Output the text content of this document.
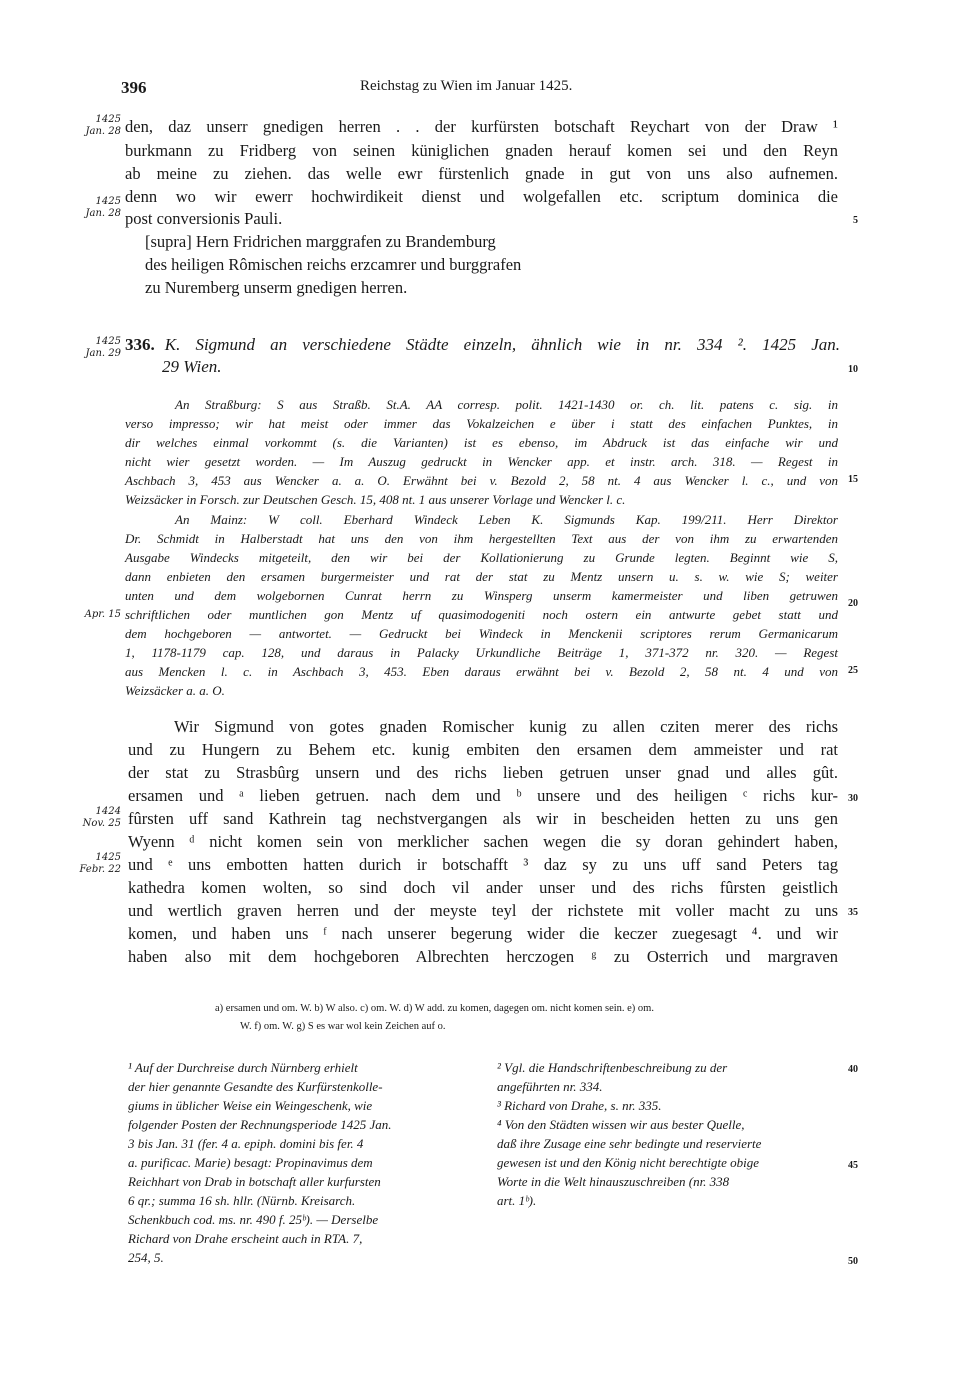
396	Reichstag zu Wien im Januar 1425.
1425
Jan. 28
1425
Jan. 28
1425
Jan. 29
Apr. 15
1424
Nov. 25
1425
Febr. 22
5
10
15
20
25
30
35
40
45
50
den, daz unserr gnedigen herren . . der kurfürsten botschaft Reychart von der Draw ¹
burkmann zu Fridberg von seinen küniglichen gnaden herauf komen sei und den Reyn
ab meine zu ziehen. das welle ewr fürstenlich gnade in gut von uns also aufnemen.
denn wo wir ewerr hochwirdikeit dienst und wolgefallen etc. scriptum dominica die
post conversionis Pauli.
[supra] Hern Fridrichen marggrafen zu Brandemburg
des heiligen Rômischen reichs erzcamrer und burggrafen
zu Nuremberg unserm gnedigen herren.
336. K. Sigmund an verschiedene Städte einzeln, ähnlich wie in nr. 334 ². 1425 Jan.
29 Wien.
An Straßburg: S aus Straßb. St.A. AA corresp. polit. 1421-1430 or. ch. lit. patens c. sig. in
verso impresso; wir hat meist oder immer das Vokalzeichen e über i statt des einfachen Punktes, in
dir welches einmal vorkommt (s. die Varianten) ist es ebenso, im Abdruck ist das einfache wir und
nicht wier gesetzt worden. — Im Auszug gedruckt in Wencker app. et instr. arch. 318. — Regest in
Aschbach 3, 453 aus Wencker a. a. O. Erwähnt bei v. Bezold 2, 58 nt. 4 aus Wencker l. c., und von
Weizsäcker in Forsch. zur Deutschen Gesch. 15, 408 nt. 1 aus unserer Vorlage und Wencker l. c.
An Mainz: W coll. Eberhard Windeck Leben K. Sigmunds Kap. 199/211. Herr Direktor
Dr. Schmidt in Halberstadt hat uns den von ihm hergestellten Text aus der von ihm zu erwartenden
Ausgabe Windecks mitgeteilt, den wir bei der Kollationierung zu Grunde legten. Beginnt wie S,
dann enbieten den ersamen burgermeister und rat der stat zu Mentz unsern u. s. w. wie S; weiter
unten und dem wolgebornen Cunrat herrn zu Winsperg unserm kamermeister und liben getruwen
schriftlichen oder muntlichen gon Mentz uf quasimodogeniti noch ostern ein antwurte gebet statt und
dem hochgeboren — antwortet. — Gedruckt bei Windeck in Menckenii scriptores rerum Germanicarum
1, 1178-1179 cap. 128, und daraus in Palacky Urkundliche Beiträge 1, 371-372 nr. 320. — Regest
aus Mencken l. c. in Aschbach 3, 453. Eben daraus erwähnt bei v. Bezold 2, 58 nt. 4 und von
Weizsäcker a. a. O.
Wir Sigmund von gotes gnaden Romischer kunig zu allen cziten merer des richs
und zu Hungern zu Behem etc. kunig embiten den ersamen dem ammeister und rat
der stat zu Strasbûrg unsern und des richs lieben getruen unser gnad und alles gût.
ersamen und ᵃ lieben getruen. nach dem und ᵇ unsere und des heiligen ᶜ richs kur-
fûrsten uff sand Kathrein tag nechstvergangen als wir in bescheiden hetten zu uns gen
Wyenn ᵈ nicht komen sein von merklicher sachen wegen die sy doran gehindert haben,
und ᵉ uns embotten hatten durich ir botschafft ³ daz sy zu uns uff sand Peters tag
kathedra komen wolten, so sind doch vil ander unser und des richs fûrsten geistlich
und wertlich graven herren und der meyste teyl der richstete mit voller macht zu uns
komen, und haben uns ᶠ nach unserer begerung wider die keczer zuegesagt ⁴. und wir
haben also mit dem hochgeboren Albrechten herczogen ᵍ zu Osterrich und margraven
a) ersamen und om. W. b) W also. c) om. W. d) W add. zu komen, dagegen om. nicht komen sein. e) om.
W. f) om. W. g) S es war wol kein Zeichen auf o.
¹ Auf der Durchreise durch Nürnberg erhielt
der hier genannte Gesandte des Kurfürstenkolle-
giums in üblicher Weise ein Weingeschenk, wie
folgender Posten der Rechnungsperiode 1425 Jan.
3 bis Jan. 31 (fer. 4 a. epiph. domini bis fer. 4
a. purificac. Marie) besagt: Propinavimus dem
Reichhart von Drab in botschaft aller kurfursten
6 qr.; summa 16 sh. hllr. (Nürnb. Kreisarch.
Schenkbuch cod. ms. nr. 490 f. 25ᵇ). — Derselbe
Richard von Drahe erscheint auch in RTA. 7,
254, 5.
² Vgl. die Handschriftenbeschreibung zu der
angeführten nr. 334.
³ Richard von Drahe, s. nr. 335.
⁴ Von den Städten wissen wir aus bester Quelle,
daß ihre Zusage eine sehr bedingte und reservierte
gewesen ist und den König nicht berechtigte obige
Worte in die Welt hinauszuschreiben (nr. 338
art. 1ᵇ).
